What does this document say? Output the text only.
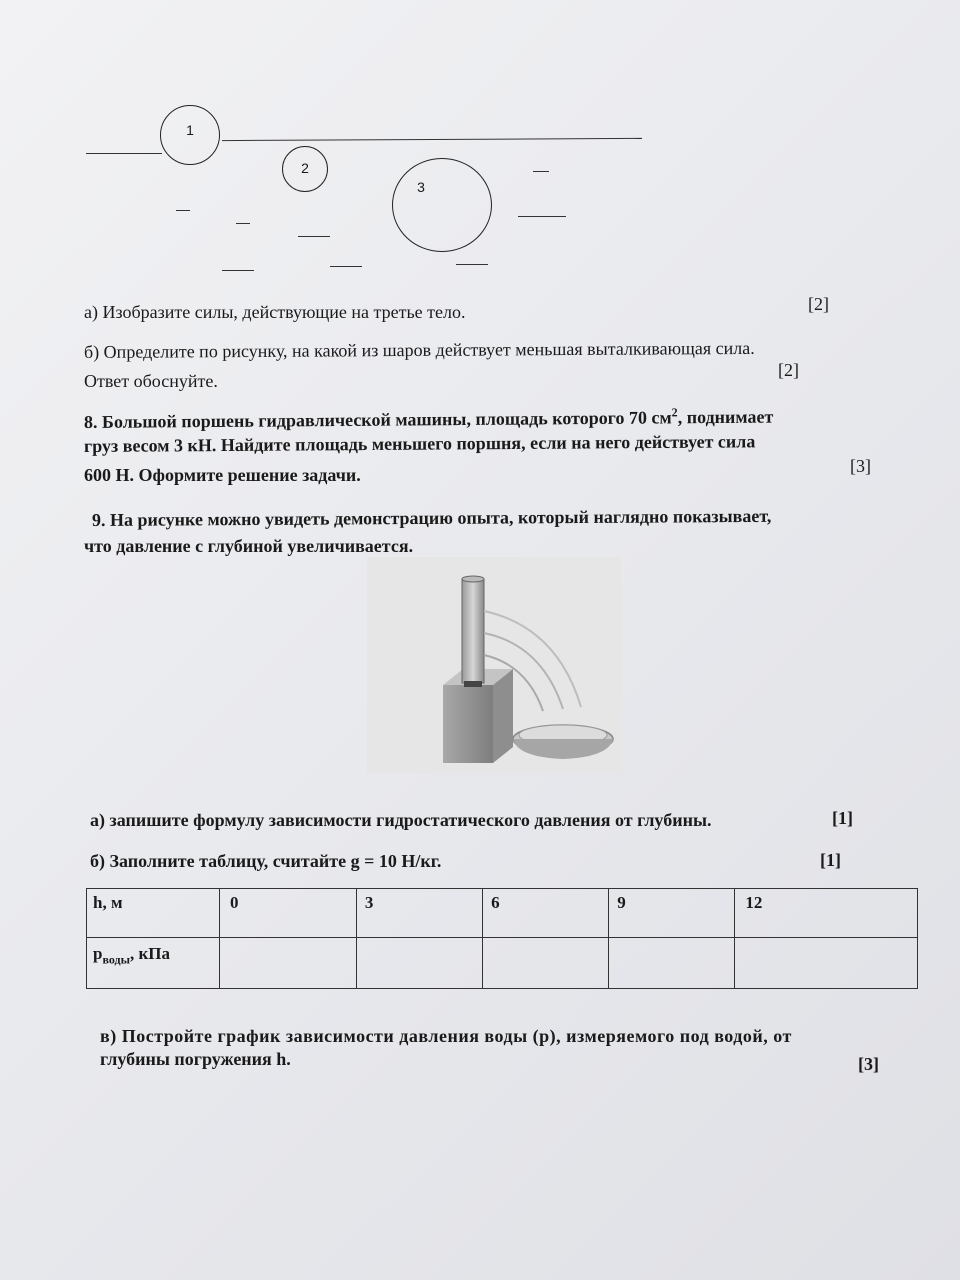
1
2
3
а) Изобразите силы, действующие на третье тело.	[2]
б) Определите по рисунку, на какой из шаров действует меньшая выталкивающая сила.
Ответ обоснуйте.
[2]
8. Большой поршень гидравлической машины, площадь которого 70 $см^2$, поднимает
груз весом 3 кН. Найдите площадь меньшего поршня, если на него действует сила
600 Н. Оформите решение задачи.	[3]
9. На рисунке можно увидеть демонстрацию опыта, который наглядно показывает,
что давление с глубиной увеличивается.
а) запишите формулу зависимости гидростатического давления от глубины.	[1]
б) Заполните таблицу, считайте g = 10 Н/кг.	[1]
h, м	0	3	6	9	12
$p_{воды}$, кПа					
в) Постройте график зависимости давления воды (р), измеряемого под водой, от
глубины погружения h.	[3]
